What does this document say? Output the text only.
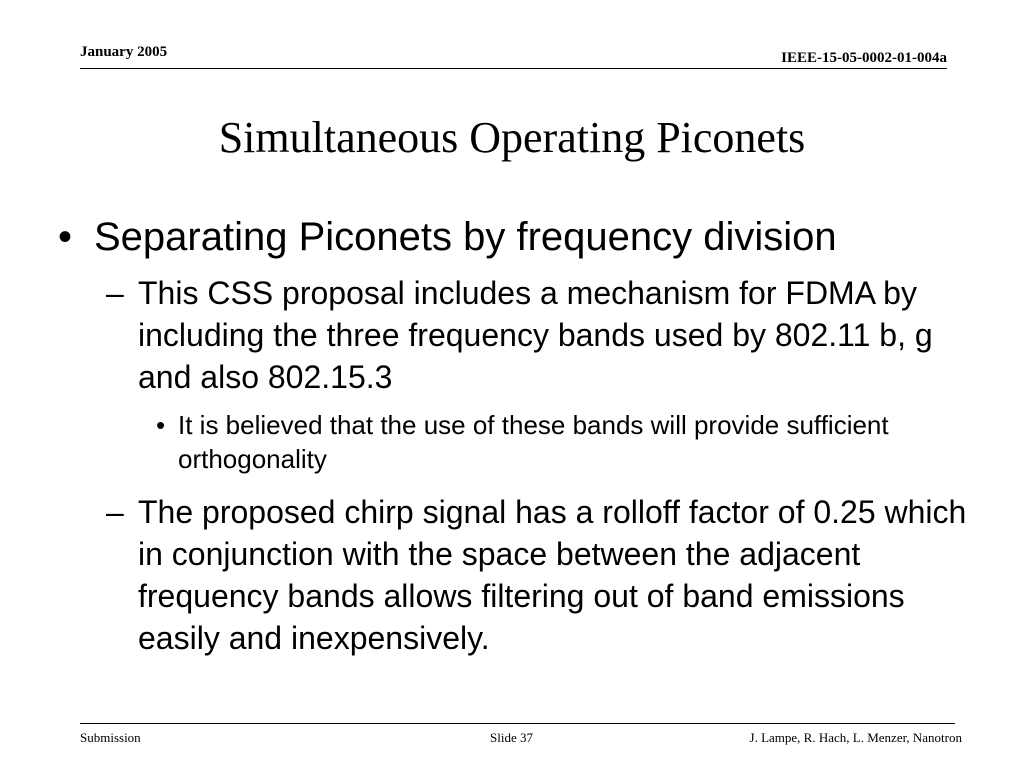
January 2005	IEEE-15-05-0002-01-004a
Simultaneous Operating Piconets
• Separating Piconets by frequency division
– This CSS proposal includes a mechanism for FDMA by including the three frequency bands used by 802.11 b, g and also 802.15.3
• It is believed that the use of these bands will provide sufficient orthogonality
– The proposed chirp signal has a rolloff factor of 0.25 which in conjunction with the space between the adjacent frequency bands allows filtering out of band emissions easily and inexpensively.
Submission	Slide 37	J. Lampe, R. Hach, L. Menzer, Nanotron
